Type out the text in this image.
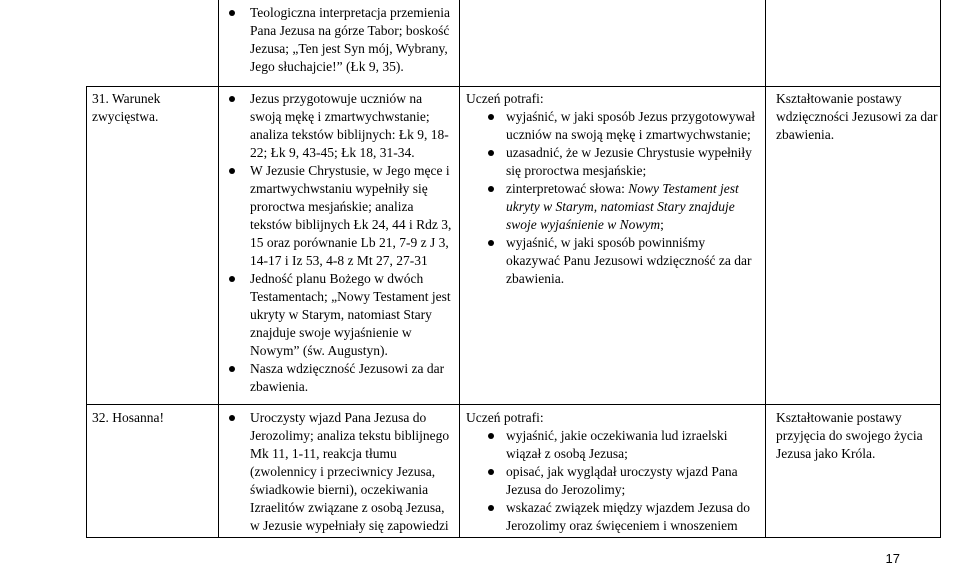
Teologiczna interpretacja przemienia Pana Jezusa na górze Tabor; boskość Jezusa; „Ten jest Syn mój, Wybrany, Jego słuchajcie!” (Łk 9, 35).
31. Warunek zwycięstwa.
Jezus przygotowuje uczniów na swoją mękę i zmartwychwstanie; analiza tekstów biblijnych: Łk 9, 18-22; Łk 9, 43-45; Łk 18, 31-34.
W Jezusie Chrystusie, w Jego męce i zmartwychwstaniu wypełniły się proroctwa mesjańskie; analiza tekstów biblijnych Łk 24, 44 i Rdz 3, 15 oraz porównanie Lb 21, 7-9 z J 3, 14-17 i Iz 53, 4-8 z Mt 27, 27-31
Jedność planu Bożego w dwóch Testamentach; „Nowy Testament jest ukryty w Starym, natomiast Stary znajduje swoje wyjaśnienie w Nowym” (św. Augustyn).
Nasza wdzięczność Jezusowi za dar zbawienia.
Uczeń potrafi:
wyjaśnić, w jaki sposób Jezus przygotowywał uczniów na swoją mękę i zmartwychwstanie;
uzasadnić, że w Jezusie Chrystusie wypełniły się proroctwa mesjańskie;
zinterpretować słowa: Nowy Testament jest ukryty w Starym, natomiast Stary znajduje swoje wyjaśnienie w Nowym;
wyjaśnić, w jaki sposób powinniśmy okazywać Panu Jezusowi wdzięczność za dar zbawienia.
Kształtowanie postawy wdzięczności Jezusowi za dar zbawienia.
32. Hosanna!	Uroczysty wjazd Pana Jezusa do Jerozolimy; analiza tekstu biblijnego Mk 11, 1-11, reakcja tłumu (zwolennicy i przeciwnicy Jezusa, świadkowie bierni), oczekiwania Izraelitów związane z osobą Jezusa, w Jezusie wypełniały się zapowiedzi
Uczeń potrafi:
wyjaśnić, jakie oczekiwania lud izraelski wiązał z osobą Jezusa;
opisać, jak wyglądał uroczysty wjazd Pana Jezusa do Jerozolimy;
wskazać związek między wjazdem Jezusa do Jerozolimy oraz święceniem i wnoszeniem
Kształtowanie postawy przyjęcia do swojego życia Jezusa jako Króla.
17
